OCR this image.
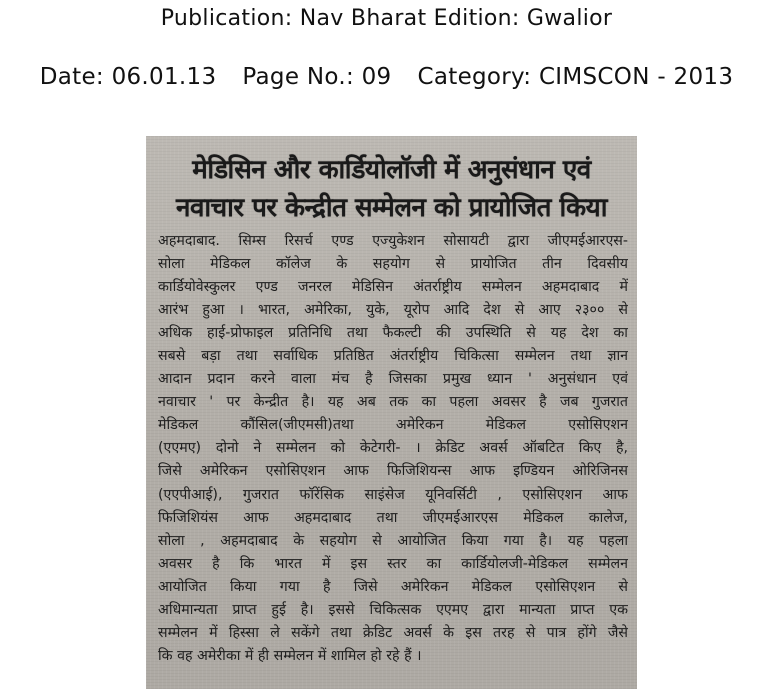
Publication: Nav Bharat Edition: Gwalior
Date: 06.01.13 Page No.: 09 Category: CIMSCON - 2013
मेडिसिन और कार्डियोलॉजी में अनुसंधान एवं
नवाचार पर केन्द्रीत सम्मेलन को प्रायोजित किया
अहमदाबाद. सिम्स रिसर्च एण्ड एज्युकेशन सोसायटी द्वारा जीएमईआरएस-
सोला मेडिकल कॉलेज के सहयोग से प्रायोजित तीन दिवसीय
कार्डियोवेस्कुलर एण्ड जनरल मेडिसिन अंतर्राष्ट्रीय सम्मेलन अहमदाबाद में
आरंभ हुआ । भारत, अमेरिका, युके, यूरोप आदि देश से आए २३०० से
अधिक हाई-प्रोफाइल प्रतिनिधि तथा फैकल्टी की उपस्थिति से यह देश का
सबसे बड़ा तथा सर्वाधिक प्रतिष्ठित अंतर्राष्ट्रीय चिकित्सा सम्मेलन तथा ज्ञान
आदान प्रदान करने वाला मंच है जिसका प्रमुख ध्यान ' अनुसंधान एवं
नवाचार ' पर केन्द्रीत है। यह अब तक का पहला अवसर है जब गुजरात
मेडिकल कौंसिल(जीएमसी)तथा अमेरिकन मेडिकल एसोसिएशन
(एएमए) दोनो ने सम्मेलन को केटेगरी- । क्रेडिट अवर्स ऑबटित किए है,
जिसे अमेरिकन एसोसिएशन आफ फिजिशियन्स आफ इण्डियन ओरिजिनस
(एएपीआई), गुजरात फॉरेंसिक साइंसेज यूनिवर्सिटी , एसोसिएशन आफ
फिजिशियंस आफ अहमदाबाद तथा जीएमईआरएस मेडिकल कालेज,
सोला , अहमदाबाद के सहयोग से आयोजित किया गया है। यह पहला
अवसर है कि भारत में इस स्तर का कार्डियोलजी-मेडिकल सम्मेलन
आयोजित किया गया है जिसे अमेरिकन मेडिकल एसोसिएशन से
अधिमान्यता प्राप्त हुई है। इससे चिकित्सक एएमए द्वारा मान्यता प्राप्त एक
सम्मेलन में हिस्सा ले सकेंगे तथा क्रेडिट अवर्स के इस तरह से पात्र होंगे जैसे
कि वह अमेरीका में ही सम्मेलन में शामिल हो रहे हैं ।
